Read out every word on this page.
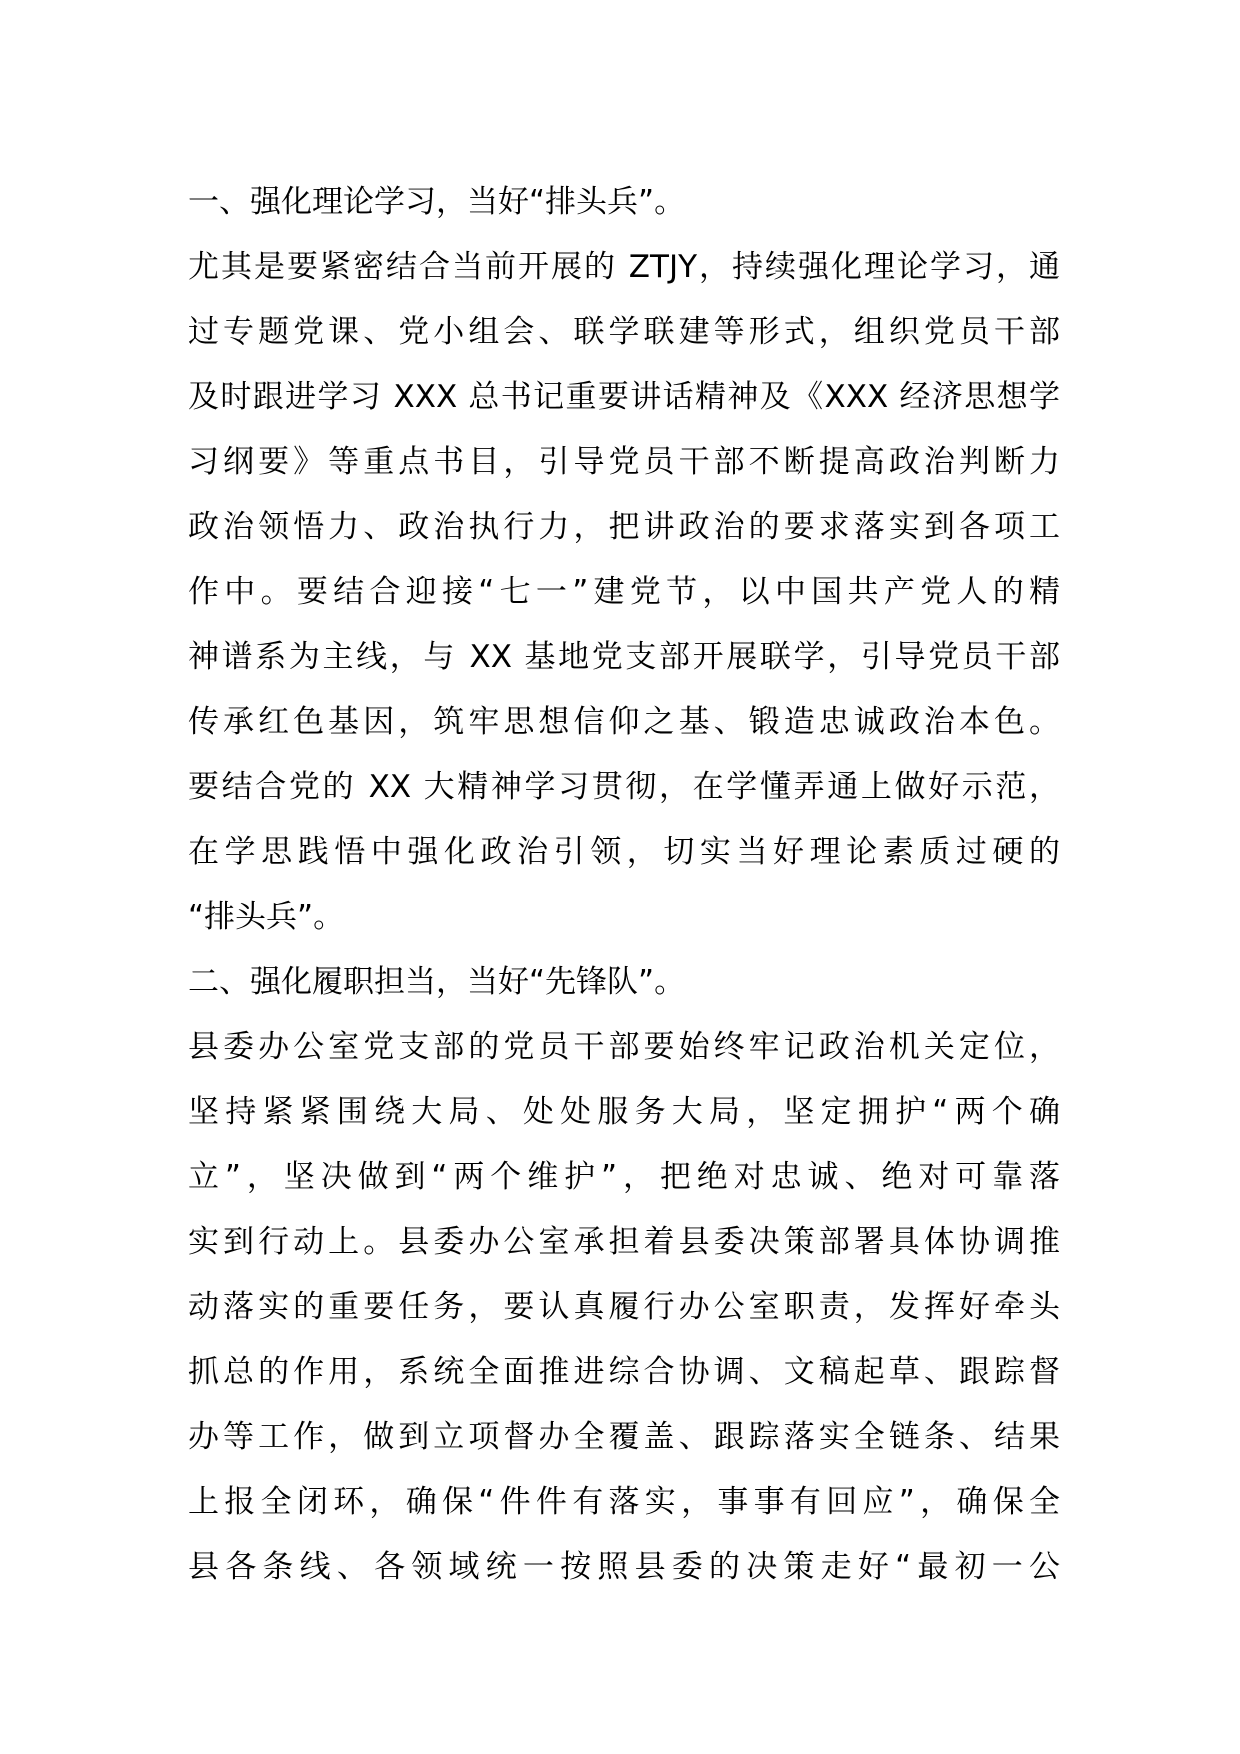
一、强化理论学习，当好“排头兵”。
尤其是要紧密结合当前开展的 ZTJY，持续强化理论学习，通
过专题党课、党小组会、联学联建等形式，组织党员干部
及时跟进学习 XXX 总书记重要讲话精神及《XXX 经济思想学
习纲要》等重点书目，引导党员干部不断提高政治判断力
政治领悟力、政治执行力，把讲政治的要求落实到各项工
作中。要结合迎接“七一”建党节，以中国共产党人的精
神谱系为主线，与 XX 基地党支部开展联学，引导党员干部
传承红色基因，筑牢思想信仰之基、锻造忠诚政治本色。
要结合党的 XX 大精神学习贯彻，在学懂弄通上做好示范，
在学思践悟中强化政治引领，切实当好理论素质过硬的
“排头兵”。
二、强化履职担当，当好“先锋队”。
县委办公室党支部的党员干部要始终牢记政治机关定位，
坚持紧紧围绕大局、处处服务大局，坚定拥护“两个确
立”，坚决做到“两个维护”，把绝对忠诚、绝对可靠落
实到行动上。县委办公室承担着县委决策部署具体协调推
动落实的重要任务，要认真履行办公室职责，发挥好牵头
抓总的作用，系统全面推进综合协调、文稿起草、跟踪督
办等工作，做到立项督办全覆盖、跟踪落实全链条、结果
上报全闭环，确保“件件有落实，事事有回应”，确保全
县各条线、各领域统一按照县委的决策走好“最初一公
